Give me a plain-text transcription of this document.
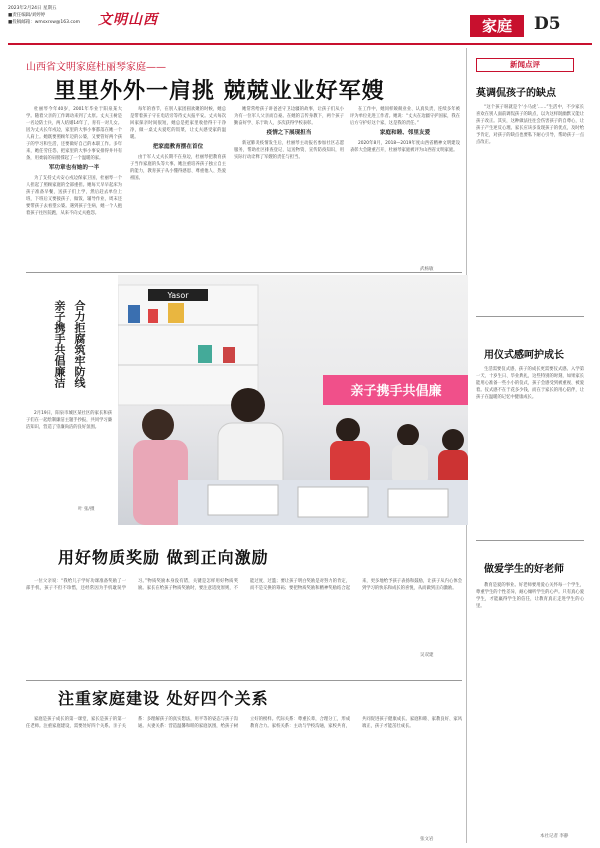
2023年2月24日 星期五
■责任编辑/刘婷婷
■投稿邮箱：wmsxrxw@163.com 文明山西	家庭	D5
山西省文明家庭杜丽琴家庭——
里里外外一肩挑 兢兢业业好军嫂

杜丽琴今年40岁，2001年毕业于阳泉某大学。随着父亲的工作调动来到了太原。丈夫王树是一名边防士兵，两人结婚14年了，育有一对儿女。因为丈夫长年戍边，家里的大事小事都落在她一个人肩上。她既要照顾年迈的公婆，又要管好两个孩子的学习和生活，还要做好自己的本职工作。多年来，她任劳任怨，把家里的大事小事安排得井井有条，用柔弱的肩膀撑起了一个温暖的家。

军功章也有她的一半

为了支持丈夫安心戍边保家卫国，杜丽琴一个人担起了照顾家庭的全部重担。她每天早早起床为孩子准备早餐，送孩子们上学，然后赶去单位上班，下班后又要接孩子、做饭、辅导作业，周末还要带孩子去看望公婆。遇到孩子生病，她一个人抱着孩子往医院跑，从来不向丈夫抱怨。

每年的春节，在别人家团圆欢聚的时候，她总是带着孩子守在电话旁等待丈夫报平安。丈夫每次回家探亲时间很短，她总是把家里收拾得干干净净，做一桌丈夫爱吃的饭菜，让丈夫感受家的温暖。

把家庭教育摆在首位

由于军人丈夫长期不在身边，杜丽琴把教育孩子当作家庭的头等大事。她注重培养孩子独立自主的能力，教育孩子从小懂得感恩、尊重他人、热爱祖国。

她常常给孩子讲爸爸守卫边疆的故事，让孩子们从小为有一位军人父亲而自豪。在她的言传身教下，两个孩子勤奋好学、乐于助人，多次获得学校表彰。

疫情之下展现担当

新冠肺炎疫情发生后，杜丽琴主动报名参加社区志愿服务，帮助社区排查登记、运送物资、宣传防疫知识，用实际行动诠释了军嫂的责任与担当。

在工作中，她同样兢兢业业、认真负责，连续多年被评为单位先进工作者。她说：“丈夫在边疆守护国家，我在后方守护好这个家，这是我的责任。”

家庭和睦、邻里友爱

2020年8月，2018—2019年度山西省精神文明建设表彰大会隆重召开，杜丽琴家庭被评为山西省文明家庭。

武杨敏
合力拒腐筑牢防线
亲子携手共倡廉洁

2月19日，阳泉市城区某社区的家长和孩子们在一起绘制廉洁主题手抄报，共同学习廉洁知识，营造了崇廉尚洁的良好氛围。

叶 张/摄
Yasor
亲子携手共倡廉
用好物质奖励 做到正向激励

一位父亲说：“我给儿子学好功课准备奖励了一部手机，孩子不但不珍惜，还经常因为手机耽误学习。”物质奖励本身没有错，关键是怎样用好物质奖励。家长在给孩子物质奖励时，要注意适度原则，不能过度、过滥；要让孩子明白奖励是对努力的肯定，而不是交换的筹码；要把物质奖励和精神奖励结合起来，更多地给予孩子表扬和鼓励，让孩子从内心体会到学习的快乐和成长的喜悦，从而做到正向激励。

吴双建
注重家庭建设 处好四个关系

家庭是孩子成长的第一课堂，家长是孩子的第一任老师。注重家庭建设，需要处好四个关系。亲子关系：多理解孩子的真实想法，用平等的姿态与孩子沟通。夫妻关系：营造温馨和睦的家庭氛围，给孩子树立好的榜样。代际关系：尊重长辈，合理分工，形成教育合力。家校关系：主动与学校沟通，家校共育，共同促进孩子健康成长。家庭和睦、家教良好、家风端正，孩子才能茁壮成长。

张文岩
新闻点评
莫调侃孩子的缺点

“这个孩子呀就是个‘小马虎’……”生活中，不少家长喜欢在别人面前调侃孩子的缺点，以为这样既幽默又能让孩子改正。其实，这种做法往往会伤害孩子的自尊心，让孩子产生逆反心理。家长应该多发现孩子的优点，及时给予肯定，对孩子的缺点也要私下耐心引导，帮助孩子一点点改正。

用仪式感呵护成长

生活需要仪式感，孩子的成长更需要仪式感。入学第一天、十岁生日、毕业典礼，这些特别的时刻，如果家长能用心准备一些小小的仪式，孩子会感受到被重视、被爱着。仪式感不在于花多少钱，而在于家长的用心陪伴，让孩子在温暖的记忆中健康成长。

做爱学生的好老师

教育是爱的事业。好老师要用爱心关怀每一个学生，尊重学生的个性差异，耐心倾听学生的心声。只有真心爱学生，才能赢得学生的信任，让教育真正走进学生的心里。

本社记者 李静
